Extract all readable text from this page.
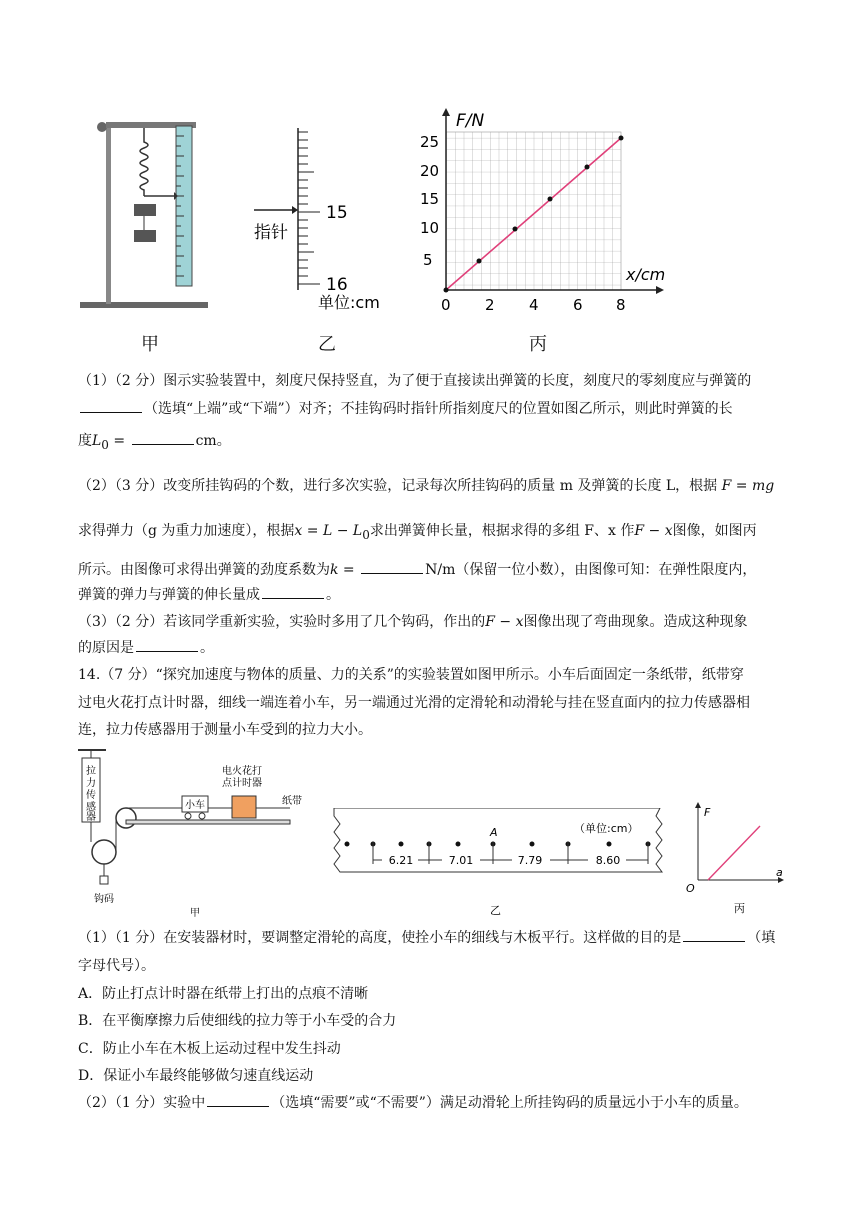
甲
15
16
指针
单位:cm
乙
F/N
x/cm
5
10
15
20
25
0 2 4 6 8
丙
（1）（2 分）图示实验装置中，刻度尺保持竖直，为了便于直接读出弹簧的长度，刻度尺的零刻度应与弹簧的
（选填“上端”或“下端”）对齐；不挂钩码时指针所指刻度尺的位置如图乙所示，则此时弹簧的长
度$L_0$ =	cm。
（2）（3 分）改变所挂钩码的个数，进行多次实验，记录每次所挂钩码的质量 m 及弹簧的长度 L，根据 F = mg
求得弹力（g 为重力加速度），根据$x = L - L_0$求出弹簧伸长量，根据求得的多组 F、x 作F − x图像，如图丙
所示。由图像可求得出弹簧的劲度系数为k =	N/m（保留一位小数），由图像可知：在弹性限度内，
弹簧的弹力与弹簧的伸长量成	。
（3）（2 分）若该同学重新实验，实验时多用了几个钩码，作出的F − x图像出现了弯曲现象。造成这种现象
的原因是	。
14.（7 分）“探究加速度与物体的质量、力的关系”的实验装置如图甲所示。小车后面固定一条纸带，纸带穿
过电火花打点计时器，细线一端连着小车，另一端通过光滑的定滑轮和动滑轮与挂在竖直面内的拉力传感器相
连，拉力传感器用于测量小车受到的拉力大小。
拉
力
传
感
器
钩码
小车
电火花打
点计时器
纸带
甲
A	（单位:cm）
6.21	7.01	7.79	8.60
乙
F
a
O
丙
（1）（1 分）在安装器材时，要调整定滑轮的高度，使拴小车的细线与木板平行。这样做的目的是	（填
字母代号）。
A．防止打点计时器在纸带上打出的点痕不清晰
B．在平衡摩擦力后使细线的拉力等于小车受的合力
C．防止小车在木板上运动过程中发生抖动
D．保证小车最终能够做匀速直线运动
（2）（1 分）实验中	（选填“需要”或“不需要”）满足动滑轮上所挂钩码的质量远小于小车的质量。
